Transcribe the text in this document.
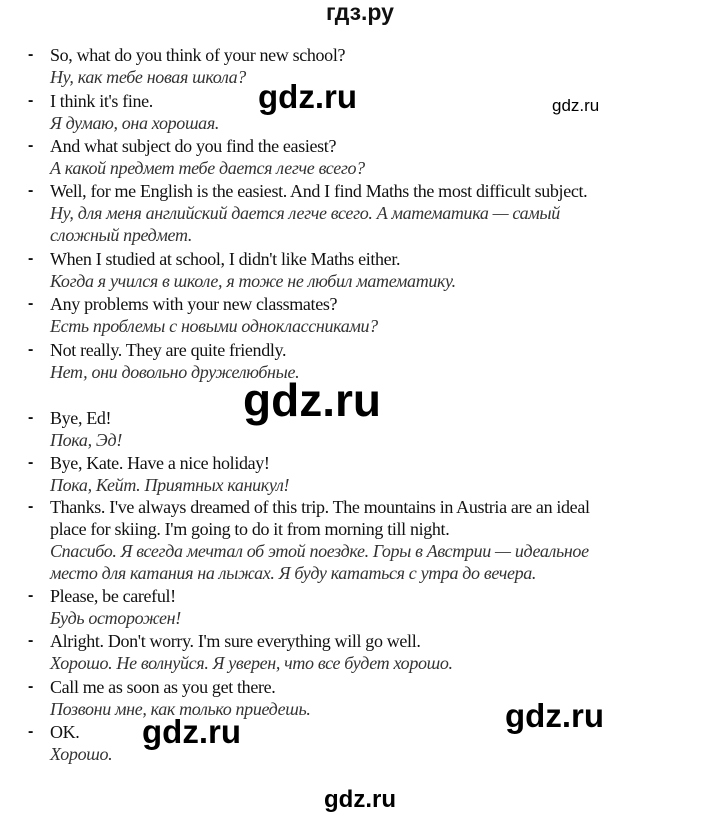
гдз.ру
- So, what do you think of your new school?
Ну, как тебе новая школа?
- I think it's fine.
Я думаю, она хорошая.
- And what subject do you find the easiest?
А какой предмет тебе дается легче всего?
- Well, for me English is the easiest. And I find Maths the most difficult subject.
Ну, для меня английский дается легче всего. А математика — самый
сложный предмет.
- When I studied at school, I didn't like Maths either.
Когда я учился в школе, я тоже не любил математику.
- Any problems with your new classmates?
Есть проблемы с новыми одноклассниками?
- Not really. They are quite friendly.
Нет, они довольно дружелюбные.
- Bye, Ed!
Пока, Эд!
- Bye, Kate. Have a nice holiday!
Пока, Кейт. Приятных каникул!
- Thanks. I've always dreamed of this trip. The mountains in Austria are an ideal
place for skiing. I'm going to do it from morning till night.
Спасибо. Я всегда мечтал об этой поездке. Горы в Австрии — идеальное
место для катания на лыжах. Я буду кататься с утра до вечера.
- Please, be careful!
Будь осторожен!
- Alright. Don't worry. I'm sure everything will go well.
Хорошо. Не волнуйся. Я уверен, что все будет хорошо.
- Call me as soon as you get there.
Позвони мне, как только приедешь.
- OK.
Хорошо.
gdz.ru	gdz.ru
gdz.ru
gdz.ru
gdz.ru
gdz.ru
